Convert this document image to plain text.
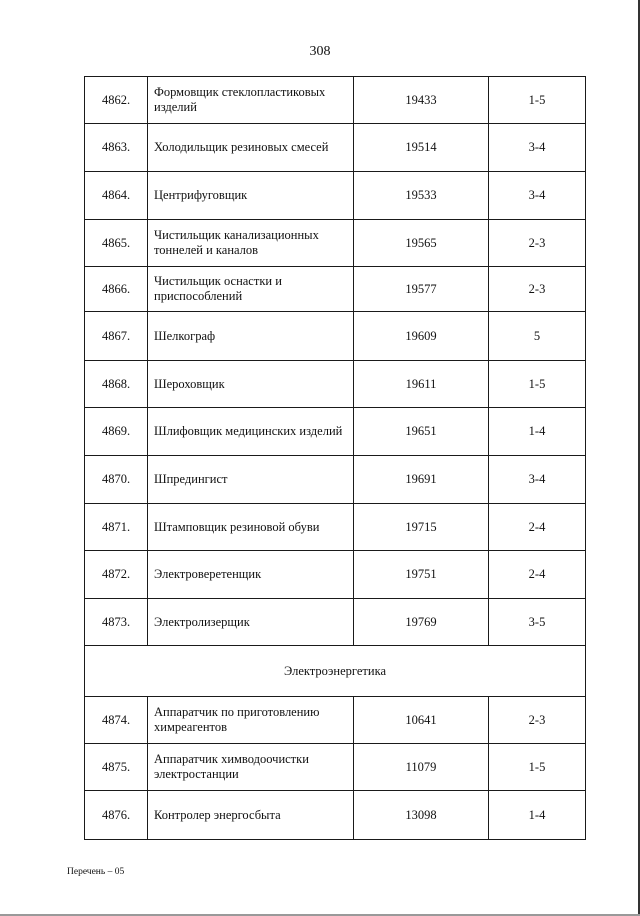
308
4862.	Формовщик стеклопластиковых изделий	19433	1-5
4863.	Холодильщик резиновых смесей	19514	3-4
4864.	Центрифуговщик	19533	3-4
4865.	Чистильщик канализационных тоннелей и каналов	19565	2-3
4866.	Чистильщик оснастки и приспособлений	19577	2-3
4867.	Шелкограф	19609	5
4868.	Шероховщик	19611	1-5
4869.	Шлифовщик медицинских изделий	19651	1-4
4870.	Шпредингист	19691	3-4
4871.	Штамповщик резиновой обуви	19715	2-4
4872.	Электроверетенщик	19751	2-4
4873.	Электролизерщик	19769	3-5
Электроэнергетика			
4874.	Аппаратчик по приготовлению химреагентов	10641	2-3
4875.	Аппаратчик химводоочистки электростанции	11079	1-5
4876.	Контролер энергосбыта	13098	1-4
Перечень – 05
